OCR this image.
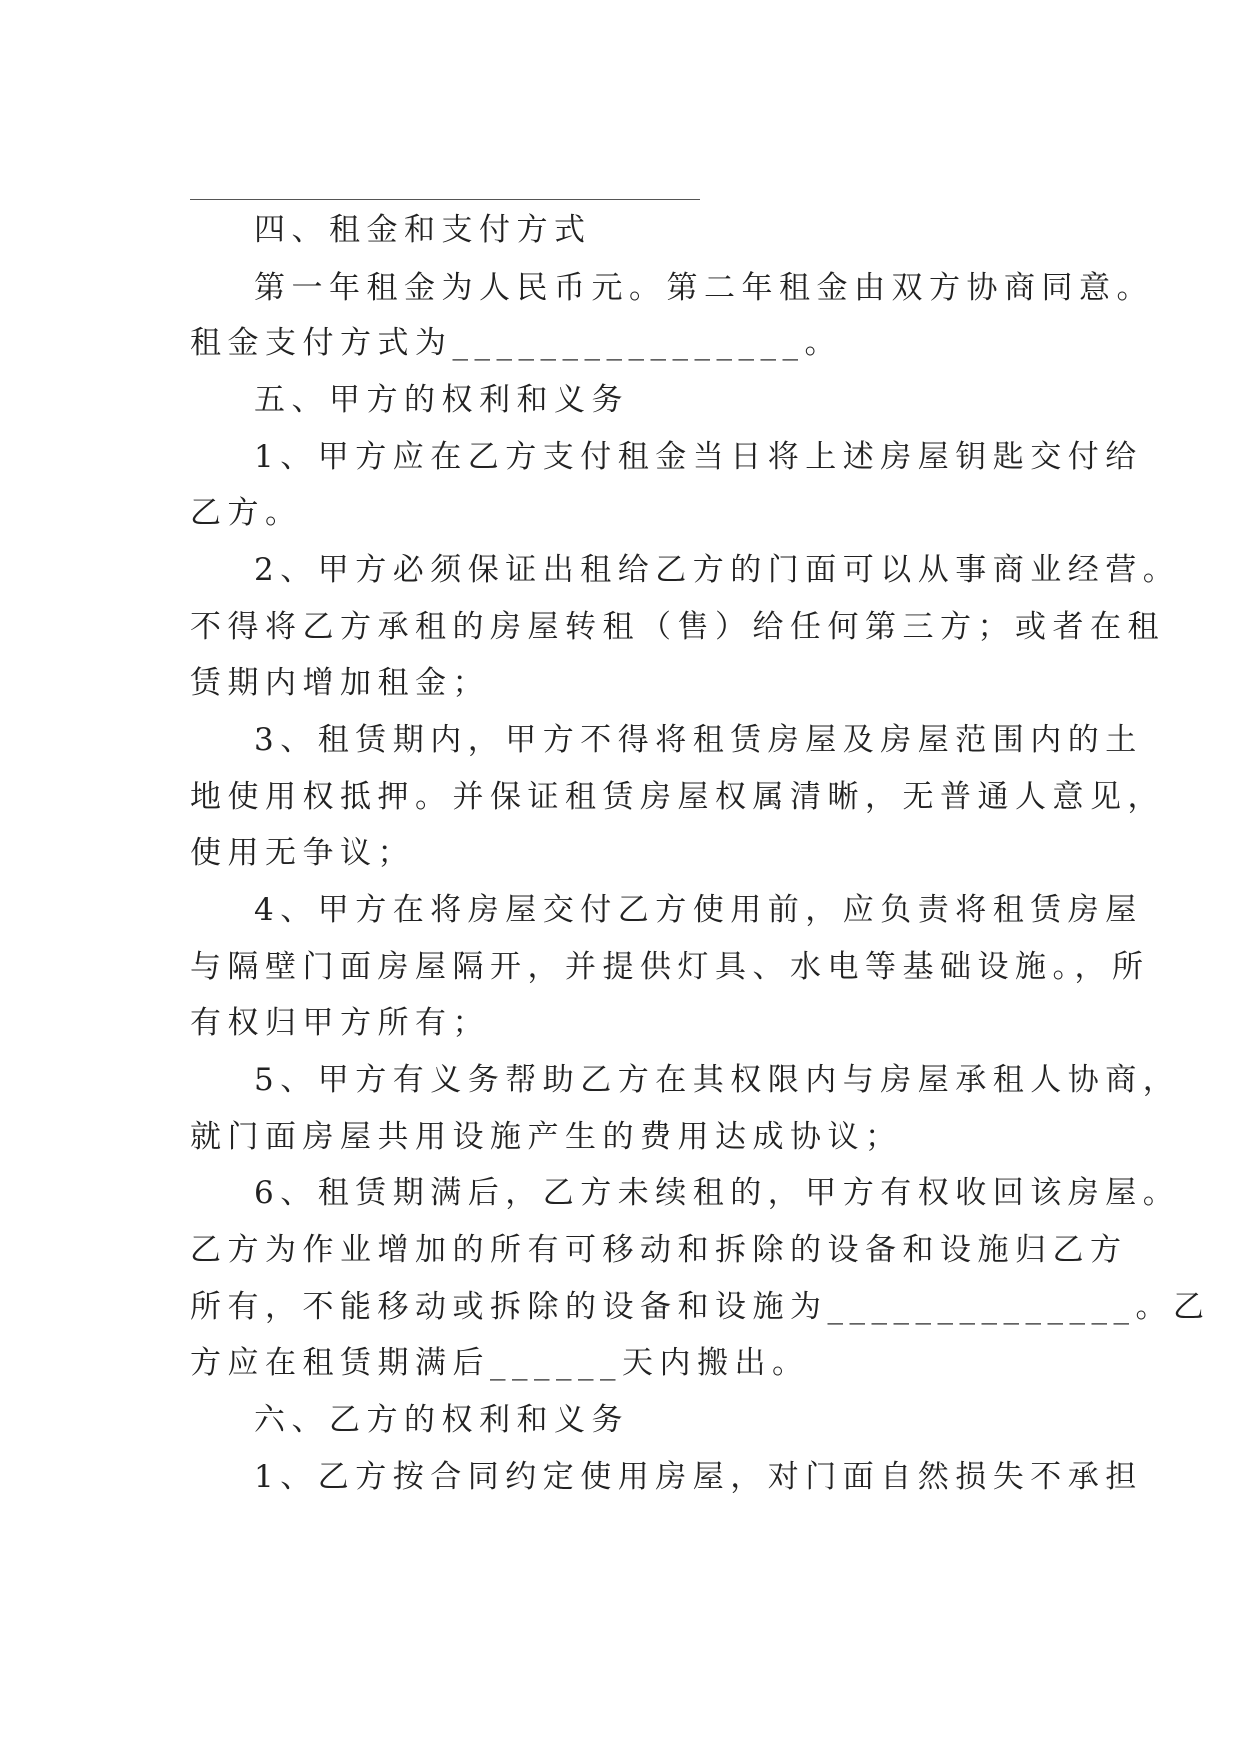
四、租金和支付方式
第一年租金为人民币元。第二年租金由双方协商同意。
租金支付方式为________________。
五、甲方的权利和义务
1、甲方应在乙方支付租金当日将上述房屋钥匙交付给
乙方。
2、甲方必须保证出租给乙方的门面可以从事商业经营。
不得将乙方承租的房屋转租（售）给任何第三方；或者在租
赁期内增加租金；
3、租赁期内，甲方不得将租赁房屋及房屋范围内的土
地使用权抵押。并保证租赁房屋权属清晰，无普通人意见，
使用无争议；
4、甲方在将房屋交付乙方使用前，应负责将租赁房屋
与隔壁门面房屋隔开，并提供灯具、水电等基础设施。，所
有权归甲方所有；
5、甲方有义务帮助乙方在其权限内与房屋承租人协商，
就门面房屋共用设施产生的费用达成协议；
6、租赁期满后，乙方未续租的，甲方有权收回该房屋。
乙方为作业增加的所有可移动和拆除的设备和设施归乙方
所有，不能移动或拆除的设备和设施为______________。乙
方应在租赁期满后______天内搬出。
六、乙方的权利和义务
1、乙方按合同约定使用房屋，对门面自然损失不承担
